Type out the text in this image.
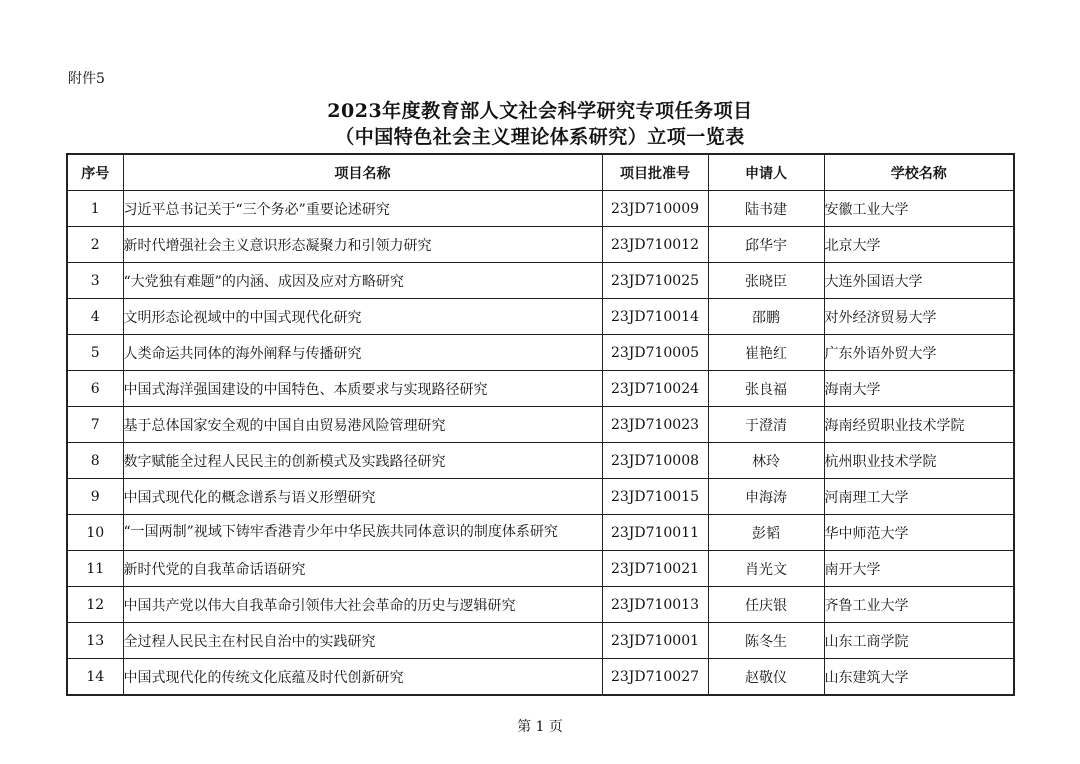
附件5
2023年度教育部人文社会科学研究专项任务项目
（中国特色社会主义理论体系研究）立项一览表
序号	项目名称	项目批准号	申请人	学校名称
1	习近平总书记关于“三个务必”重要论述研究	23JD710009	陆书建	安徽工业大学
2	新时代增强社会主义意识形态凝聚力和引领力研究	23JD710012	邱华宇	北京大学
3	“大党独有难题”的内涵、成因及应对方略研究	23JD710025	张晓臣	大连外国语大学
4	文明形态论视域中的中国式现代化研究	23JD710014	邵鹏	对外经济贸易大学
5	人类命运共同体的海外阐释与传播研究	23JD710005	崔艳红	广东外语外贸大学
6	中国式海洋强国建设的中国特色、本质要求与实现路径研究	23JD710024	张良福	海南大学
7	基于总体国家安全观的中国自由贸易港风险管理研究	23JD710023	于澄清	海南经贸职业技术学院
8	数字赋能全过程人民民主的创新模式及实践路径研究	23JD710008	林玲	杭州职业技术学院
9	中国式现代化的概念谱系与语义形塑研究	23JD710015	申海涛	河南理工大学
10	“一国两制”视域下铸牢香港青少年中华民族共同体意识的制度体系研究	23JD710011	彭韬	华中师范大学
11	新时代党的自我革命话语研究	23JD710021	肖光文	南开大学
12	中国共产党以伟大自我革命引领伟大社会革命的历史与逻辑研究	23JD710013	任庆银	齐鲁工业大学
13	全过程人民民主在村民自治中的实践研究	23JD710001	陈冬生	山东工商学院
14	中国式现代化的传统文化底蕴及时代创新研究	23JD710027	赵敬仪	山东建筑大学
第 1 页
